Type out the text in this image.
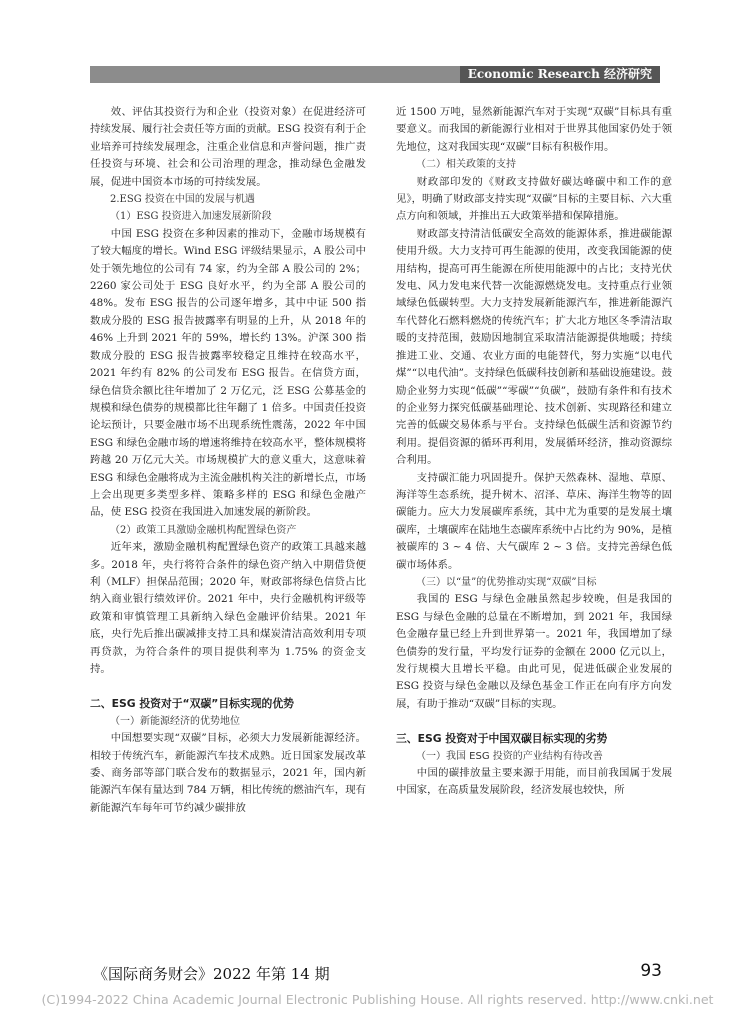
Economic Research 经济研究

效、评估其投资行为和企业（投资对象）在促进经济可持续发展、履行社会责任等方面的贡献。ESG 投资有利于企业培养可持续发展理念，注重企业信息和声誉问题，推广责任投资与环境、社会和公司治理的理念，推动绿色金融发展，促进中国资本市场的可持续发展。

2.ESG 投资在中国的发展与机遇

（1）ESG 投资进入加速发展新阶段

中国 ESG 投资在多种因素的推动下，金融市场规模有了较大幅度的增长。Wind ESG 评级结果显示，A 股公司中处于领先地位的公司有 74 家，约为全部 A 股公司的 2%；2260 家公司处于 ESG 良好水平，约为全部 A 股公司的 48%。发布 ESG 报告的公司逐年增多，其中中证 500 指数成分股的 ESG 报告披露率有明显的上升，从 2018 年的 46% 上升到 2021 年的 59%，增长约 13%。沪深 300 指数成分股的 ESG 报告披露率较稳定且维持在较高水平，2021 年约有 82% 的公司发布 ESG 报告。在信贷方面，绿色信贷余额比往年增加了 2 万亿元，泛 ESG 公募基金的规模和绿色债券的规模都比往年翻了 1 倍多。中国责任投资论坛预计，只要金融市场不出现系统性震荡，2022 年中国 ESG 和绿色金融市场的增速将维持在较高水平，整体规模将跨越 20 万亿元大关。市场规模扩大的意义重大，这意味着 ESG 和绿色金融将成为主流金融机构关注的新增长点，市场上会出现更多类型多样、策略多样的 ESG 和绿色金融产品，使 ESG 投资在我国进入加速发展的新阶段。

（2）政策工具激励金融机构配置绿色资产

近年来，激励金融机构配置绿色资产的政策工具越来越多。2018 年，央行将符合条件的绿色资产纳入中期借贷便利（MLF）担保品范围；2020 年，财政部将绿色信贷占比纳入商业银行绩效评价。2021 年中，央行金融机构评级等政策和审慎管理工具新纳入绿色金融评价结果。2021 年底，央行先后推出碳减排支持工具和煤炭清洁高效利用专项再贷款，为符合条件的项目提供利率为 1.75% 的资金支持。

二、ESG 投资对于“双碳”目标实现的优势

（一）新能源经济的优势地位

中国想要实现“双碳”目标，必须大力发展新能源经济。相较于传统汽车，新能源汽车技术成熟。近日国家发展改革委、商务部等部门联合发布的数据显示，2021 年，国内新能源汽车保有量达到 784 万辆，相比传统的燃油汽车，现有新能源汽车每年可节约减少碳排放

近 1500 万吨，显然新能源汽车对于实现“双碳”目标具有重要意义。而我国的新能源行业相对于世界其他国家仍处于领先地位，这对我国实现“双碳”目标有积极作用。

（二）相关政策的支持

财政部印发的《财政支持做好碳达峰碳中和工作的意见》，明确了财政部支持实现“双碳”目标的主要目标、六大重点方向和领域，并推出五大政策举措和保障措施。

财政部支持清洁低碳安全高效的能源体系，推进碳能源使用升级。大力支持可再生能源的使用，改变我国能源的使用结构，提高可再生能源在所使用能源中的占比；支持光伏发电、风力发电来代替一次能源燃烧发电。支持重点行业领域绿色低碳转型。大力支持发展新能源汽车，推进新能源汽车代替化石燃料燃烧的传统汽车；扩大北方地区冬季清洁取暖的支持范围，鼓励因地制宜采取清洁能源提供地暖；持续推进工业、交通、农业方面的电能替代，努力实施“以电代煤”“以电代油”。支持绿色低碳科技创新和基础设施建设。鼓励企业努力实现“低碳”“零碳”“负碳”，鼓励有条件和有技术的企业努力探究低碳基础理论、技术创新、实现路径和建立完善的低碳交易体系与平台。支持绿色低碳生活和资源节约利用。提倡资源的循环再利用，发展循环经济，推动资源综合利用。

支持碳汇能力巩固提升。保护天然森林、湿地、草原、海洋等生态系统，提升树木、沼泽、草床、海洋生物等的固碳能力。应大力发展碳库系统，其中尤为重要的是发展土壤碳库，土壤碳库在陆地生态碳库系统中占比约为 90%，是植被碳库的 3 ~ 4 倍、大气碳库 2 ~ 3 倍。支持完善绿色低碳市场体系。

（三）以“量”的优势推动实现“双碳”目标

我国的 ESG 与绿色金融虽然起步较晚，但是我国的 ESG 与绿色金融的总量在不断增加，到 2021 年，我国绿色金融存量已经上升到世界第一。2021 年，我国增加了绿色债券的发行量，平均发行证券的金额在 2000 亿元以上，发行规模大且增长平稳。由此可见，促进低碳企业发展的 ESG 投资与绿色金融以及绿色基金工作正在向有序方向发展，有助于推动“双碳”目标的实现。

三、ESG 投资对于中国双碳目标实现的劣势

（一）我国 ESG 投资的产业结构有待改善

中国的碳排放量主要来源于用能，而目前我国属于发展中国家，在高质量发展阶段，经济发展也较快，所

《国际商务财会》2022 年第 14 期	93
(C)1994-2022 China Academic Journal Electronic Publishing House. All rights reserved. http://www.cnki.net
